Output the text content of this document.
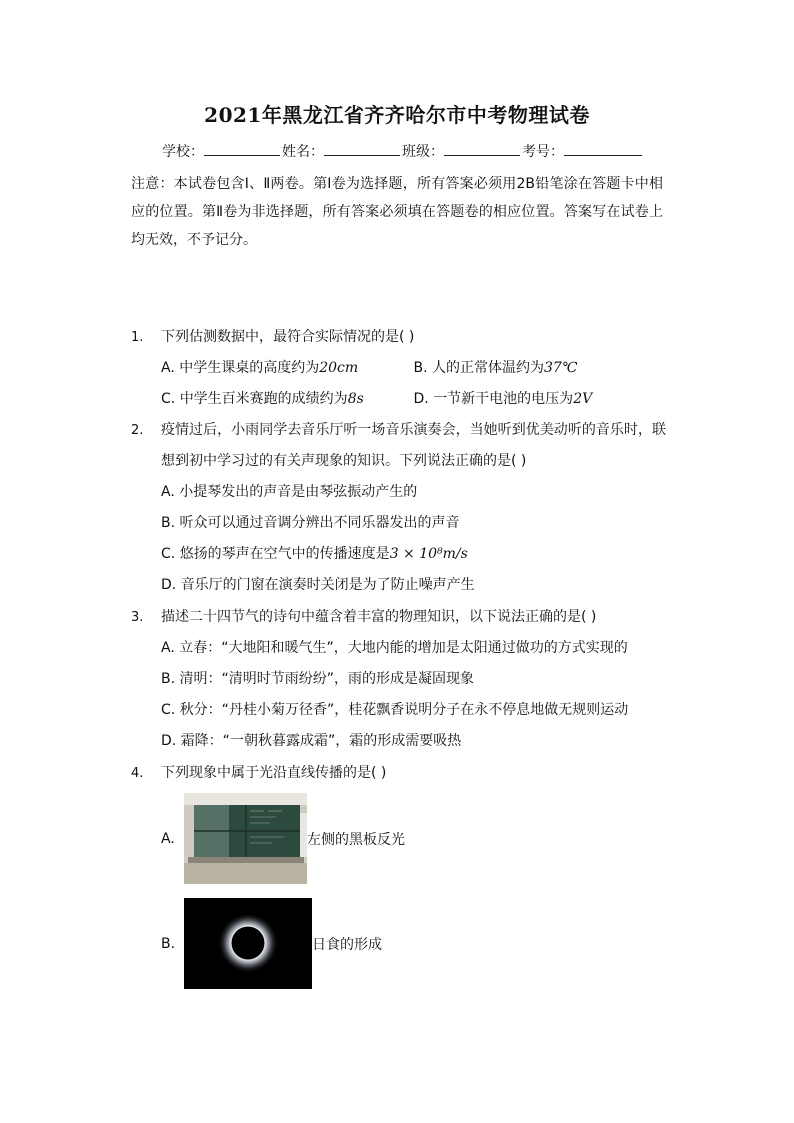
2021年黑龙江省齐齐哈尔市中考物理试卷
学校：	姓名：	班级：	考号：
注意：本试卷包含Ⅰ、Ⅱ两卷。第Ⅰ卷为选择题，所有答案必须用2B铅笔涂在答题卡中相应的位置。第Ⅱ卷为非选择题，所有答案必须填在答题卷的相应位置。答案写在试卷上均无效，不予记分。
1.	下列估测数据中，最符合实际情况的是( )
A. 中学生课桌的高度约为20cm	B. 人的正常体温约为37℃
C. 中学生百米赛跑的成绩约为8s	D. 一节新干电池的电压为2V
2.	疫情过后，小雨同学去音乐厅听一场音乐演奏会，当她听到优美动听的音乐时，联想到初中学习过的有关声现象的知识。下列说法正确的是( )
A. 小提琴发出的声音是由琴弦振动产生的
B. 听众可以通过音调分辨出不同乐器发出的声音
C. 悠扬的琴声在空气中的传播速度是3 × 10⁸m/s
D. 音乐厅的门窗在演奏时关闭是为了防止噪声产生
3.	描述二十四节气的诗句中蕴含着丰富的物理知识，以下说法正确的是( )
A. 立春：“大地阳和暖气生”，大地内能的增加是太阳通过做功的方式实现的
B. 清明：“清明时节雨纷纷”，雨的形成是凝固现象
C. 秋分：“丹桂小菊万径香”，桂花飘香说明分子在永不停息地做无规则运动
D. 霜降：“一朝秋暮露成霜”，霜的形成需要吸热
4.	下列现象中属于光沿直线传播的是( )
A.	左侧的黑板反光
B.	日食的形成
